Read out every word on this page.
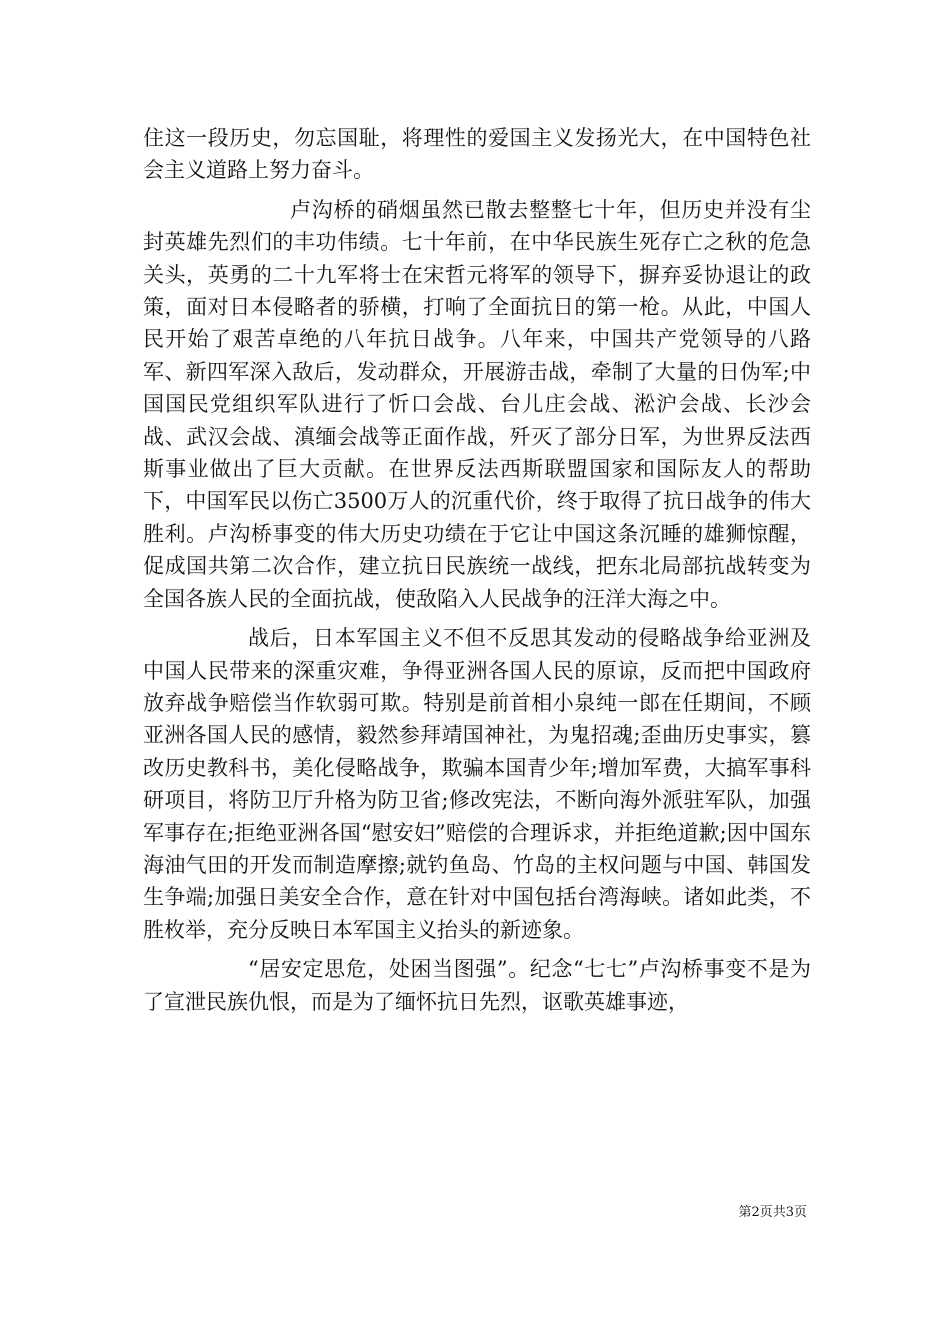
住这一段历史，勿忘国耻，将理性的爱国主义发扬光大，在中国特色社会主义道路上努力奋斗。

卢沟桥的硝烟虽然已散去整整七十年，但历史并没有尘封英雄先烈们的丰功伟绩。七十年前，在中华民族生死存亡之秋的危急关头，英勇的二十九军将士在宋哲元将军的领导下，摒弃妥协退让的政策，面对日本侵略者的骄横，打响了全面抗日的第一枪。从此，中国人民开始了艰苦卓绝的八年抗日战争。八年来，中国共产党领导的八路军、新四军深入敌后，发动群众，开展游击战，牵制了大量的日伪军;中国国民党组织军队进行了忻口会战、台儿庄会战、淞沪会战、长沙会战、武汉会战、滇缅会战等正面作战，歼灭了部分日军，为世界反法西斯事业做出了巨大贡献。在世界反法西斯联盟国家和国际友人的帮助下，中国军民以伤亡3500万人的沉重代价，终于取得了抗日战争的伟大胜利。卢沟桥事变的伟大历史功绩在于它让中国这条沉睡的雄狮惊醒，促成国共第二次合作，建立抗日民族统一战线，把东北局部抗战转变为全国各族人民的全面抗战，使敌陷入人民战争的汪洋大海之中。

战后，日本军国主义不但不反思其发动的侵略战争给亚洲及中国人民带来的深重灾难，争得亚洲各国人民的原谅，反而把中国政府放弃战争赔偿当作软弱可欺。特别是前首相小泉纯一郎在任期间，不顾亚洲各国人民的感情，毅然参拜靖国神社，为鬼招魂;歪曲历史事实，篡改历史教科书，美化侵略战争，欺骗本国青少年;增加军费，大搞军事科研项目，将防卫厅升格为防卫省;修改宪法，不断向海外派驻军队，加强军事存在;拒绝亚洲各国“慰安妇”赔偿的合理诉求，并拒绝道歉;因中国东海油气田的开发而制造摩擦;就钓鱼岛、竹岛的主权问题与中国、韩国发生争端;加强日美安全合作，意在针对中国包括台湾海峡。诸如此类，不胜枚举，充分反映日本军国主义抬头的新迹象。

“居安定思危，处困当图强”。纪念“七七”卢沟桥事变不是为了宣泄民族仇恨，而是为了缅怀抗日先烈，讴歌英雄事迹，

第2页共3页
